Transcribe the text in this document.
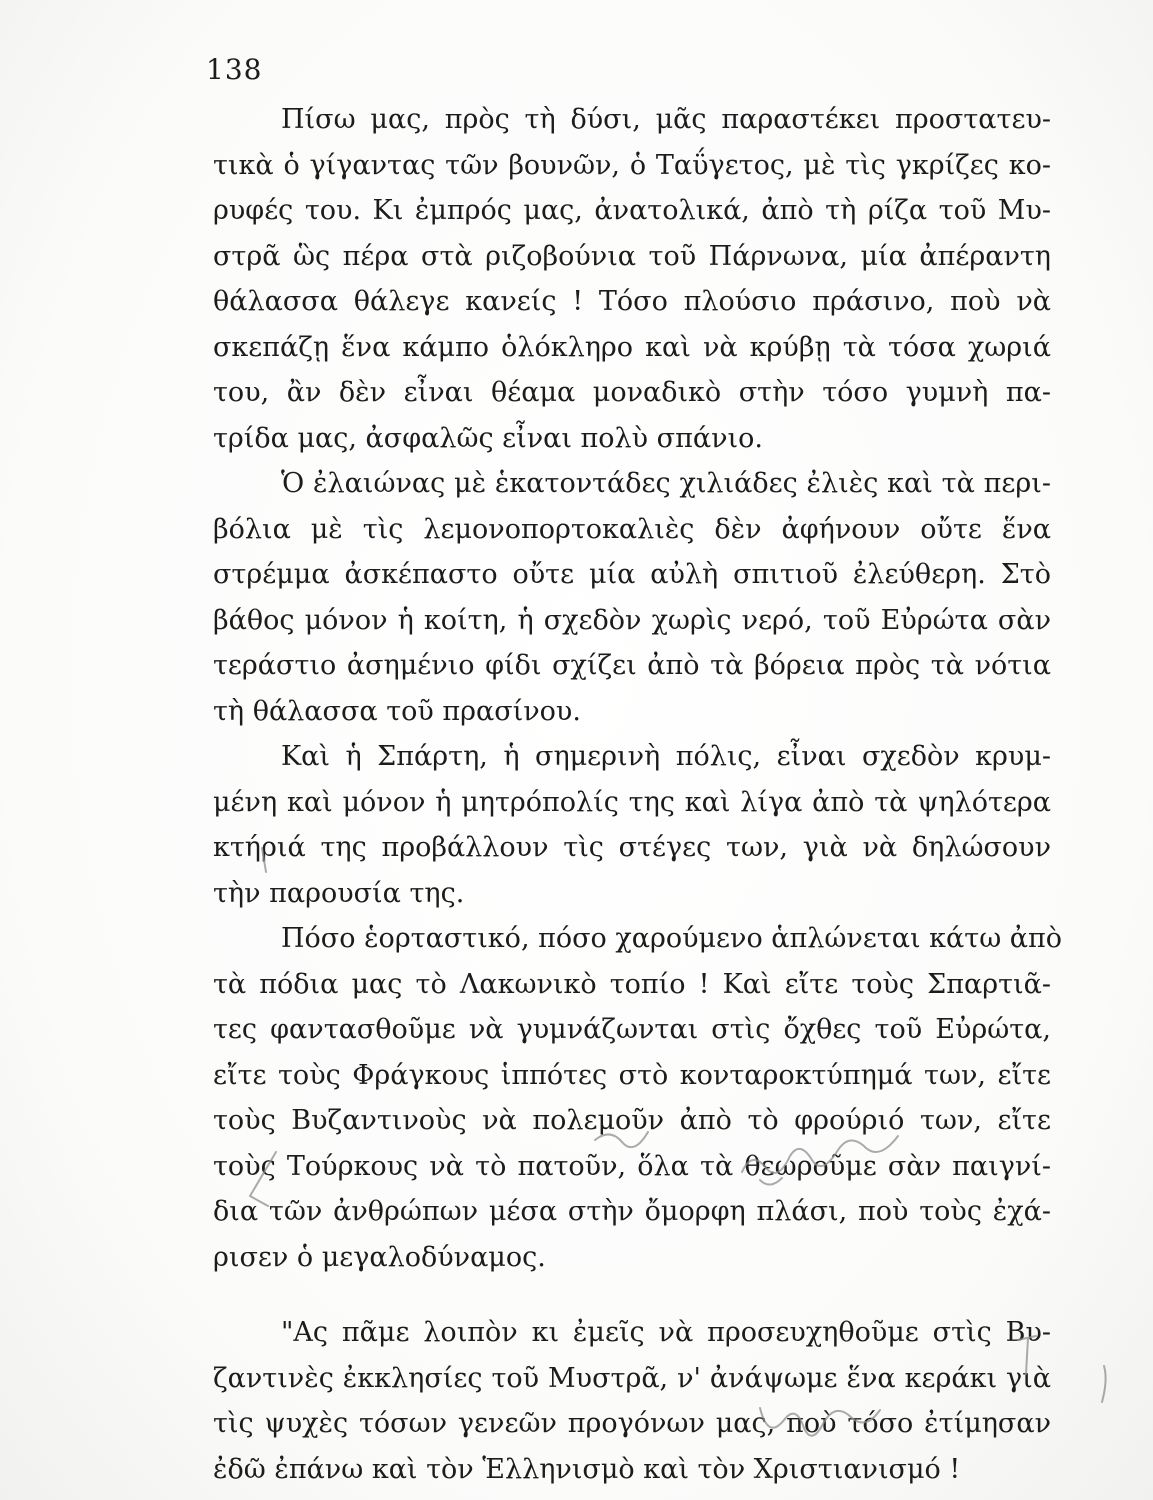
138
Πίσω μας, πρὸς τὴ δύσι, μᾶς παραστέκει προστατευ-
τικὰ ὁ γίγαντας τῶν βουνῶν, ὁ Ταΰγετος, μὲ τὶς γκρίζες κο-
ρυφές του. Κι ἐμπρός μας, ἀνατολικά, ἀπὸ τὴ ρίζα τοῦ Μυ-
στρᾶ ὣς πέρα στὰ ριζοβούνια τοῦ Πάρνωνα, μία ἀπέραντη
θάλασσα θάλεγε κανείς ! Τόσο πλούσιο πράσινο, ποὺ νὰ
σκεπάζῃ ἕνα κάμπο ὁλόκληρο καὶ νὰ κρύβῃ τὰ τόσα χωριά
του, ἂν δὲν εἶναι θέαμα μοναδικὸ στὴν τόσο γυμνὴ πα-
τρίδα μας, ἀσφαλῶς εἶναι πολὺ σπάνιο.
Ὁ ἐλαιώνας μὲ ἑκατοντάδες χιλιάδες ἐλιὲς καὶ τὰ περι-
βόλια μὲ τὶς λεμονοπορτοκαλιὲς δὲν ἀφήνουν οὔτε ἕνα
στρέμμα ἀσκέπαστο οὔτε μία αὐλὴ σπιτιοῦ ἐλεύθερη. Στὸ
βάθος μόνον ἡ κοίτη, ἡ σχεδὸν χωρὶς νερό, τοῦ Εὐρώτα σὰν
τεράστιο ἀσημένιο φίδι σχίζει ἀπὸ τὰ βόρεια πρὸς τὰ νότια
τὴ θάλασσα τοῦ πρασίνου.
Καὶ ἡ Σπάρτη, ἡ σημερινὴ πόλις, εἶναι σχεδὸν κρυμ-
μένη καὶ μόνον ἡ μητρόπολίς της καὶ λίγα ἀπὸ τὰ ψηλότερα
κτήριά της προβάλλουν τὶς στέγες των, γιὰ νὰ δηλώσουν
τὴν παρουσία της.
Πόσο ἑορταστικό, πόσο χαρούμενο ἁπλώνεται κάτω ἀπὸ
τὰ πόδια μας τὸ Λακωνικὸ τοπίο ! Καὶ εἴτε τοὺς Σπαρτιᾶ-
τες φαντασθοῦμε νὰ γυμνάζωνται στὶς ὄχθες τοῦ Εὐρώτα,
εἴτε τοὺς Φράγκους ἱππότες στὸ κονταροκτύπημά των, εἴτε
τοὺς Βυζαντινοὺς νὰ πολεμοῦν ἀπὸ τὸ φρούριό των, εἴτε
τοὺς Τούρκους νὰ τὸ πατοῦν, ὅλα τὰ θεωροῦμε σὰν παιγνί-
δια τῶν ἀνθρώπων μέσα στὴν ὄμορφη πλάσι, ποὺ τοὺς ἐχά-
ρισεν ὁ μεγαλοδύναμος.
"Ας πᾶμε λοιπὸν κι ἐμεῖς νὰ προσευχηθοῦμε στὶς Βυ-
ζαντινὲς ἐκκλησίες τοῦ Μυστρᾶ, ν' ἀνάψωμε ἕνα κεράκι γιὰ
τὶς ψυχὲς τόσων γενεῶν προγόνων μας, ποὺ τόσο ἐτίμησαν
ἐδῶ ἐπάνω καὶ τὸν Ἑλληνισμὸ καὶ τὸν Χριστιανισμό !
